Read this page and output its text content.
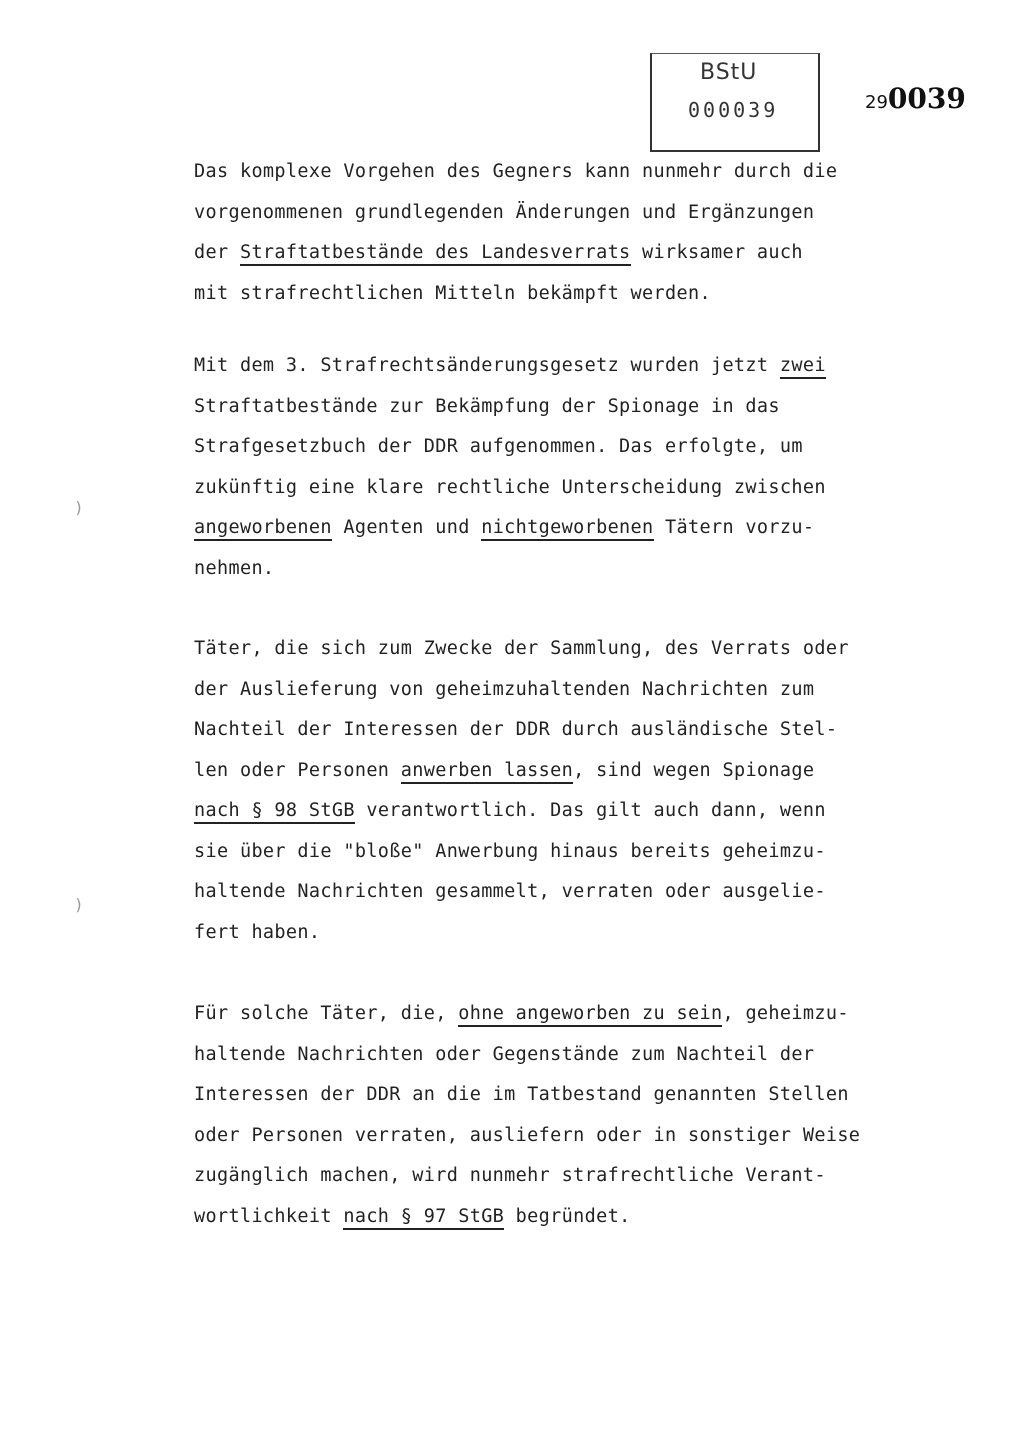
BStU
000039	290039
)
)
Das komplexe Vorgehen des Gegners kann nunmehr durch die
vorgenommenen grundlegenden Änderungen und Ergänzungen
der Straftatbestände des Landesverrats wirksamer auch
mit strafrechtlichen Mitteln bekämpft werden.
Mit dem 3. Strafrechtsänderungsgesetz wurden jetzt zwei
Straftatbestände zur Bekämpfung der Spionage in das
Strafgesetzbuch der DDR aufgenommen. Das erfolgte, um
zukünftig eine klare rechtliche Unterscheidung zwischen
angeworbenen Agenten und nichtgeworbenen Tätern vorzu-
nehmen.
Täter, die sich zum Zwecke der Sammlung, des Verrats oder
der Auslieferung von geheimzuhaltenden Nachrichten zum
Nachteil der Interessen der DDR durch ausländische Stel-
len oder Personen anwerben lassen, sind wegen Spionage
nach § 98 StGB verantwortlich. Das gilt auch dann, wenn
sie über die "bloße" Anwerbung hinaus bereits geheimzu-
haltende Nachrichten gesammelt, verraten oder ausgelie-
fert haben.
Für solche Täter, die, ohne angeworben zu sein, geheimzu-
haltende Nachrichten oder Gegenstände zum Nachteil der
Interessen der DDR an die im Tatbestand genannten Stellen
oder Personen verraten, ausliefern oder in sonstiger Weise
zugänglich machen, wird nunmehr strafrechtliche Verant-
wortlichkeit nach § 97 StGB begründet.
